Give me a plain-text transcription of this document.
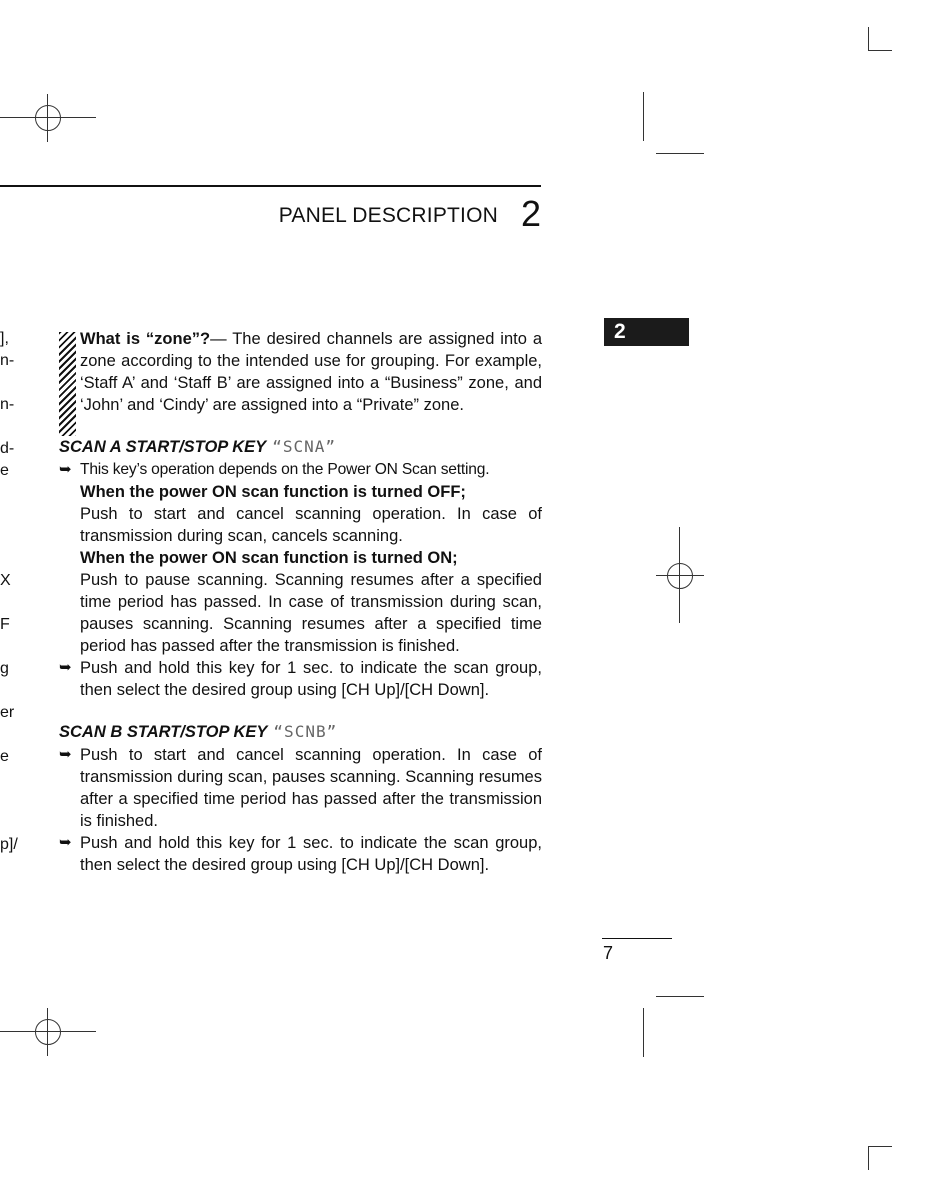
PANEL DESCRIPTION 2
2
],
n-
n-
d-
e
X
F
g
er
e
p]/
What is “zone”?— The desired channels are assigned into a zone according to the intended use for grouping. For example, ‘Staff A’ and ‘Staff B’ are assigned into a “Business” zone, and ‘John’ and ‘Cindy’ are assigned into a “Private” zone.
SCAN A START/STOP KEY “SCNA”
➥ This key’s operation depends on the Power ON Scan setting.
When the power ON scan function is turned OFF;
Push to start and cancel scanning operation. In case of transmission during scan, cancels scanning.
When the power ON scan function is turned ON;
Push to pause scanning. Scanning resumes after a specified time period has passed. In case of transmission during scan, pauses scanning. Scanning resumes after a specified time period has passed after the transmission is finished.
➥ Push and hold this key for 1 sec. to indicate the scan group, then select the desired group using [CH Up]/[CH Down].
SCAN B START/STOP KEY “SCNB”
➥ Push to start and cancel scanning operation. In case of transmission during scan, pauses scanning. Scanning resumes after a specified time period has passed after the transmission is finished.
➥ Push and hold this key for 1 sec. to indicate the scan group, then select the desired group using [CH Up]/[CH Down].
7
